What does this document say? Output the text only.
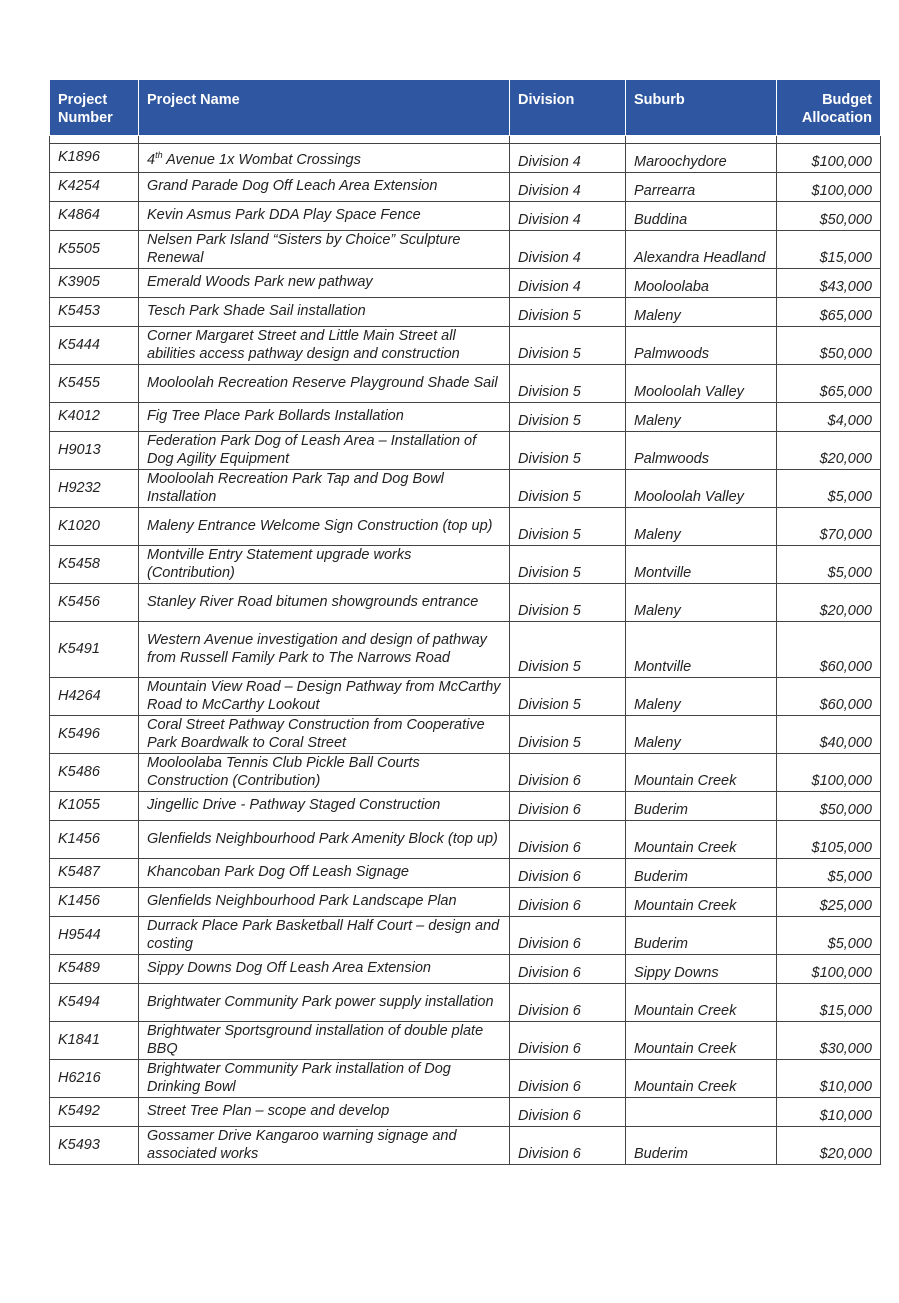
Project Number	Project Name	Division	Suburb	Budget Allocation

K1896	4th Avenue 1x Wombat Crossings	Division 4	Maroochydore	$100,000
K4254	Grand Parade Dog Off Leach Area Extension	Division 4	Parrearra	$100,000
K4864	Kevin Asmus Park DDA Play Space Fence	Division 4	Buddina	$50,000
K5505	Nelsen Park Island “Sisters by Choice” Sculpture Renewal	Division 4	Alexandra Headland	$15,000
K3905	Emerald Woods Park new pathway	Division 4	Mooloolaba	$43,000
K5453	Tesch Park Shade Sail installation	Division 5	Maleny	$65,000
K5444	Corner Margaret Street and Little Main Street all abilities access pathway design and construction	Division 5	Palmwoods	$50,000
K5455	Mooloolah Recreation Reserve Playground Shade Sail	Division 5	Mooloolah Valley	$65,000
K4012	Fig Tree Place Park Bollards Installation	Division 5	Maleny	$4,000
H9013	Federation Park Dog of Leash Area – Installation of Dog Agility Equipment	Division 5	Palmwoods	$20,000
H9232	Mooloolah Recreation Park Tap and Dog Bowl Installation	Division 5	Mooloolah Valley	$5,000
K1020	Maleny Entrance Welcome Sign Construction (top up)	Division 5	Maleny	$70,000
K5458	Montville Entry Statement upgrade works (Contribution)	Division 5	Montville	$5,000
K5456	Stanley River Road bitumen showgrounds entrance	Division 5	Maleny	$20,000
K5491	Western Avenue investigation and design of pathway from Russell Family Park to The Narrows Road	Division 5	Montville	$60,000
H4264	Mountain View Road – Design Pathway from McCarthy Road to McCarthy Lookout	Division 5	Maleny	$60,000
K5496	Coral Street Pathway Construction from Cooperative Park Boardwalk to Coral Street	Division 5	Maleny	$40,000
K5486	Mooloolaba Tennis Club Pickle Ball Courts Construction (Contribution)	Division 6	Mountain Creek	$100,000
K1055	Jingellic Drive - Pathway Staged Construction	Division 6	Buderim	$50,000
K1456	Glenfields Neighbourhood Park Amenity Block (top up)	Division 6	Mountain Creek	$105,000
K5487	Khancoban Park Dog Off Leash Signage	Division 6	Buderim	$5,000
K1456	Glenfields Neighbourhood Park Landscape Plan	Division 6	Mountain Creek	$25,000
H9544	Durrack Place Park Basketball Half Court – design and costing	Division 6	Buderim	$5,000
K5489	Sippy Downs Dog Off Leash Area Extension	Division 6	Sippy Downs	$100,000
K5494	Brightwater Community Park power supply installation	Division 6	Mountain Creek	$15,000
K1841	Brightwater Sportsground installation of double plate BBQ	Division 6	Mountain Creek	$30,000
H6216	Brightwater Community Park installation of Dog Drinking Bowl	Division 6	Mountain Creek	$10,000
K5492	Street Tree Plan – scope and develop	Division 6		$10,000
K5493	Gossamer Drive Kangaroo warning signage and associated works	Division 6	Buderim	$20,000
